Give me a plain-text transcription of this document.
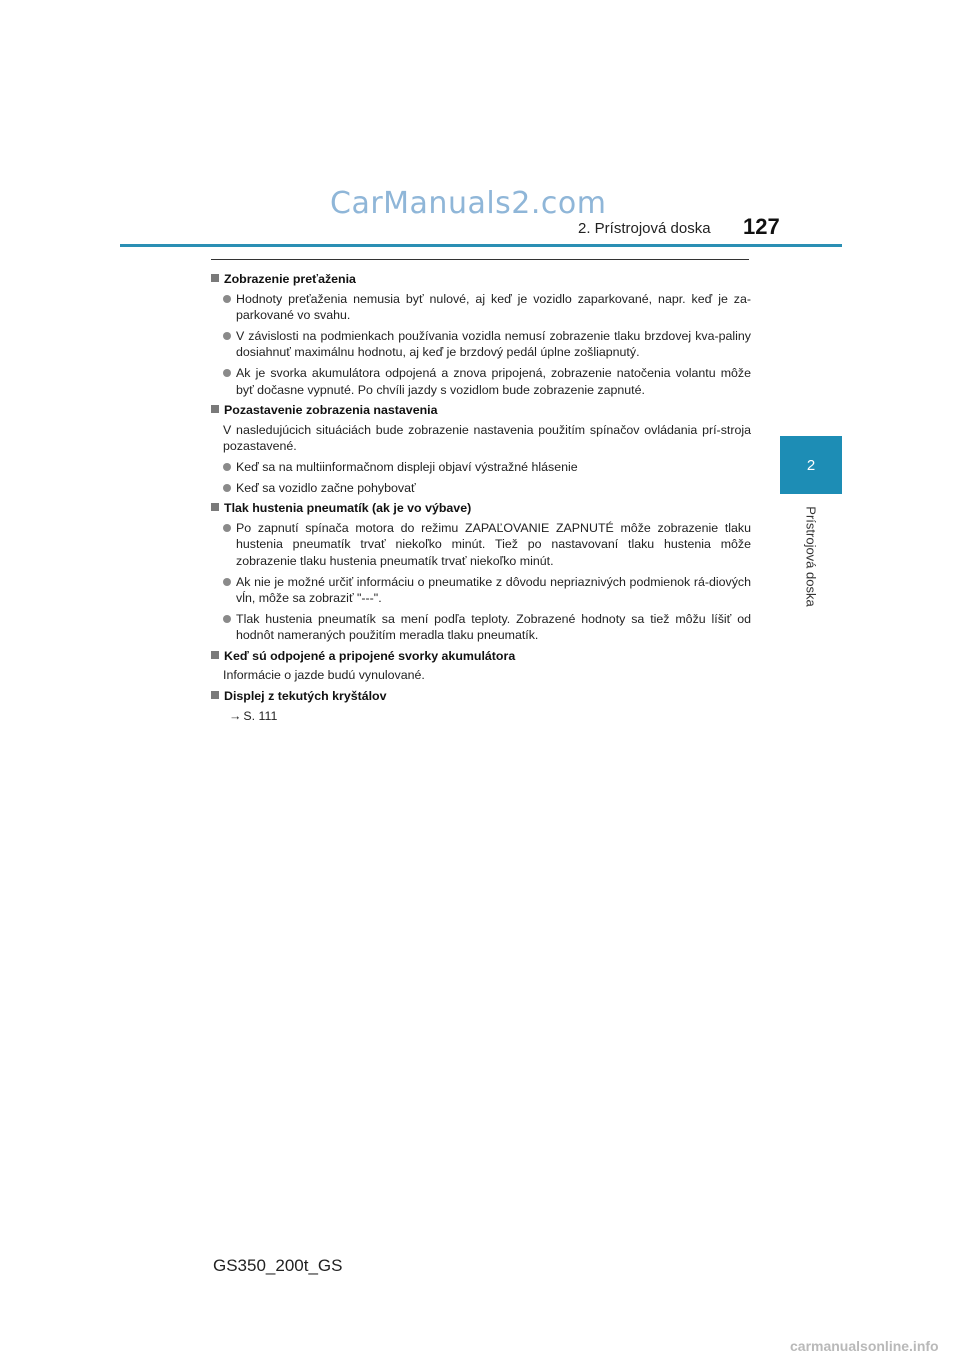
CarManuals2.com
2. Prístrojová doska 127
2
Prístrojová doska
Zobrazenie preťaženia
Hodnoty preťaženia nemusia byť nulové, aj keď je vozidlo zaparkované, napr. keď je za-parkované vo svahu.
V závislosti na podmienkach používania vozidla nemusí zobrazenie tlaku brzdovej kva-paliny dosiahnuť maximálnu hodnotu, aj keď je brzdový pedál úplne zošliapnutý.
Ak je svorka akumulátora odpojená a znova pripojená, zobrazenie natočenia volantu môže byť dočasne vypnuté. Po chvíli jazdy s vozidlom bude zobrazenie zapnuté.
Pozastavenie zobrazenia nastavenia
V nasledujúcich situáciách bude zobrazenie nastavenia použitím spínačov ovládania prí-stroja pozastavené.
Keď sa na multiinformačnom displeji objaví výstražné hlásenie
Keď sa vozidlo začne pohybovať
Tlak hustenia pneumatík (ak je vo výbave)
Po zapnutí spínača motora do režimu ZAPAĽOVANIE ZAPNUTÉ môže zobrazenie tlaku hustenia pneumatík trvať niekoľko minút. Tiež po nastavovaní tlaku hustenia môže zobrazenie tlaku hustenia pneumatík trvať niekoľko minút.
Ak nie je možné určiť informáciu o pneumatike z dôvodu nepriaznivých podmienok rá-diových vĺn, môže sa zobraziť "---".
Tlak hustenia pneumatík sa mení podľa teploty. Zobrazené hodnoty sa tiež môžu líšiť od hodnôt nameraných použitím meradla tlaku pneumatík.
Keď sú odpojené a pripojené svorky akumulátora
Informácie o jazde budú vynulované.
Displej z tekutých kryštálov
→ S. 111
GS350_200t_GS
carmanualsonline.info
